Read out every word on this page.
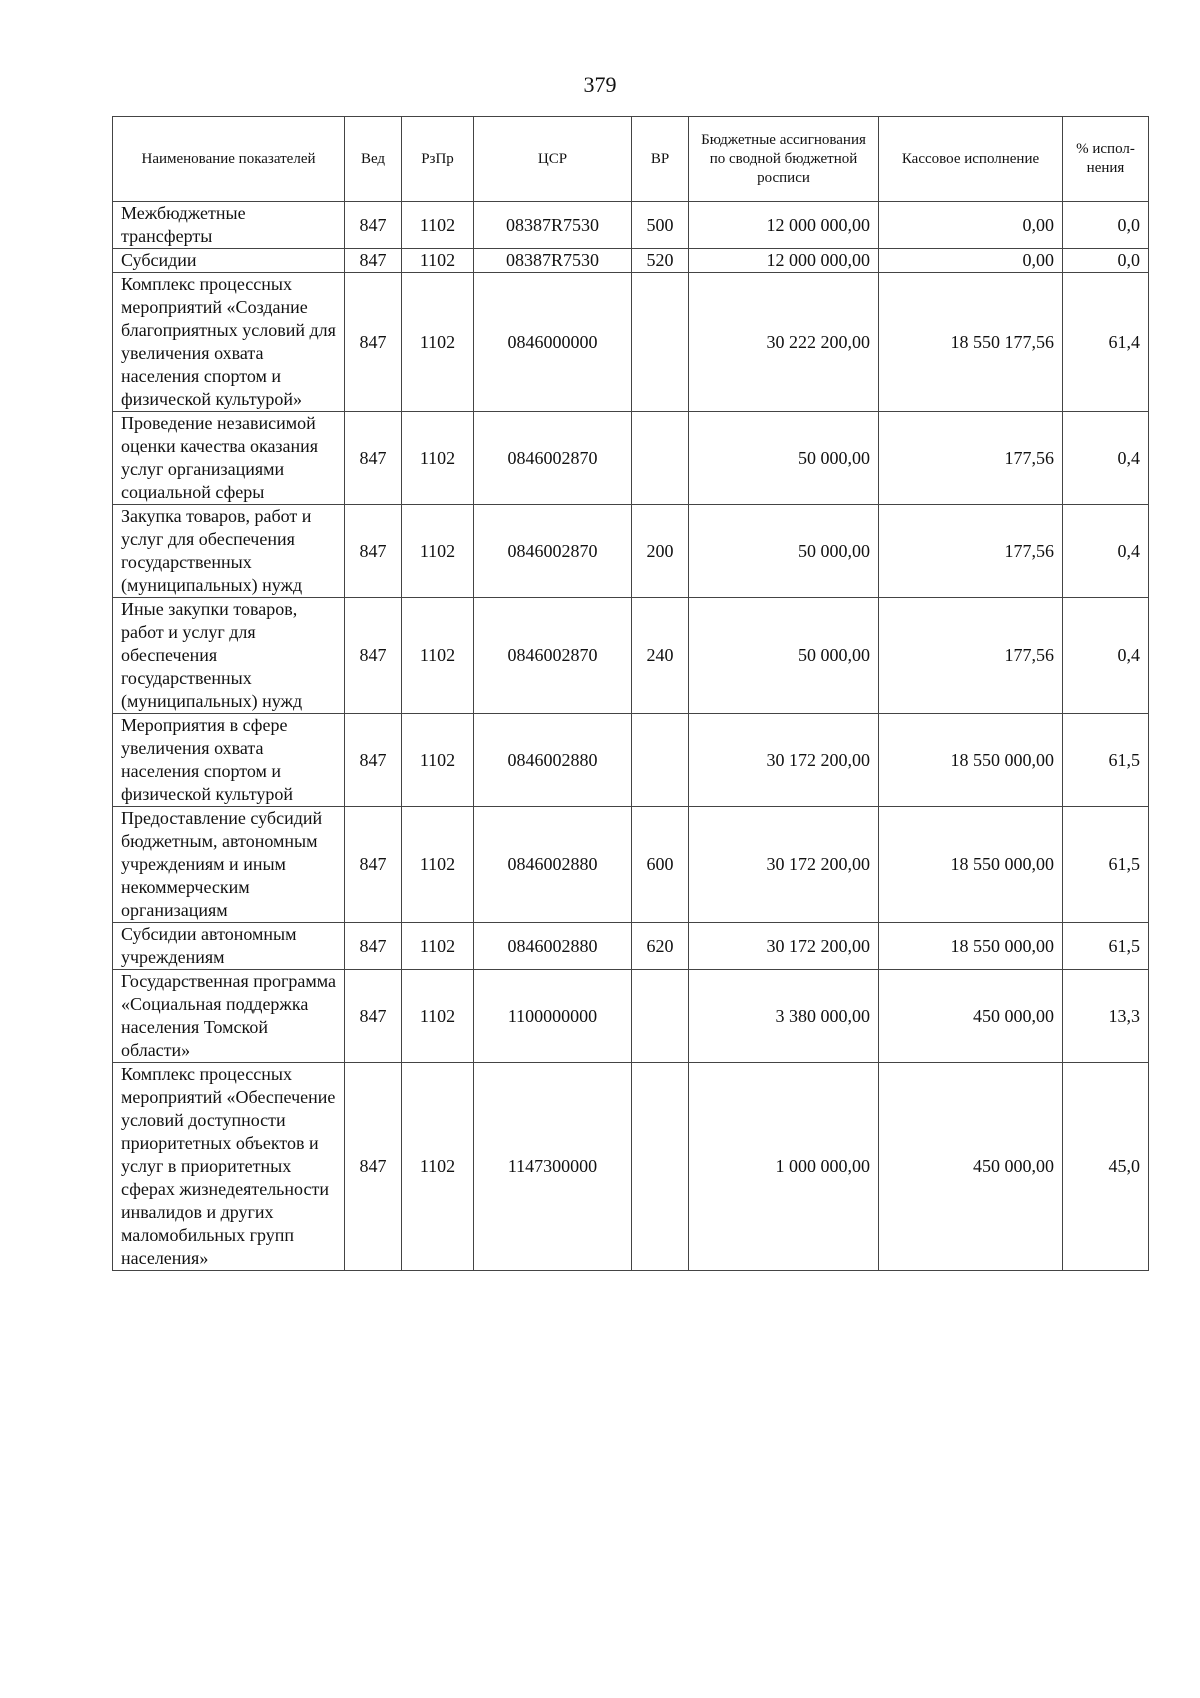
379
Наименование показателей	Вед	РзПр	ЦСР	ВР	Бюджетные ассигнования по сводной бюджетной росписи	Кассовое исполнение	% испол-нения
Межбюджетные трансферты	847	1102	08387R7530	500	12 000 000,00	0,00	0,0
Субсидии	847	1102	08387R7530	520	12 000 000,00	0,00	0,0
Комплекс процессных мероприятий «Создание благоприятных условий для увеличения охвата населения спортом и физической культурой»	847	1102	0846000000		30 222 200,00	18 550 177,56	61,4
Проведение независимой оценки качества оказания услуг организациями социальной сферы	847	1102	0846002870		50 000,00	177,56	0,4
Закупка товаров, работ и услуг для обеспечения государственных (муниципальных) нужд	847	1102	0846002870	200	50 000,00	177,56	0,4
Иные закупки товаров, работ и услуг для обеспечения государственных (муниципальных) нужд	847	1102	0846002870	240	50 000,00	177,56	0,4
Мероприятия в сфере увеличения охвата населения спортом и физической культурой	847	1102	0846002880		30 172 200,00	18 550 000,00	61,5
Предоставление субсидий бюджетным, автономным учреждениям и иным некоммерческим организациям	847	1102	0846002880	600	30 172 200,00	18 550 000,00	61,5
Субсидии автономным учреждениям	847	1102	0846002880	620	30 172 200,00	18 550 000,00	61,5
Государственная программа «Социальная поддержка населения Томской области»	847	1102	1100000000		3 380 000,00	450 000,00	13,3
Комплекс процессных мероприятий «Обеспечение условий доступности приоритетных объектов и услуг в приоритетных сферах жизнедеятельности инвалидов и других маломобильных групп населения»	847	1102	1147300000		1 000 000,00	450 000,00	45,0
